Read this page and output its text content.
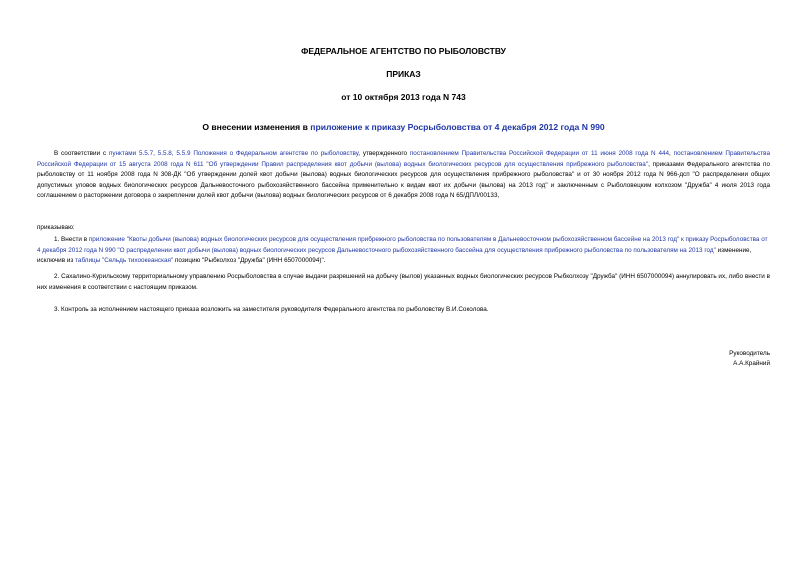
ФЕДЕРАЛЬНОЕ АГЕНТСТВО ПО РЫБОЛОВСТВУ
ПРИКАЗ
от 10 октября 2013 года N 743
О внесении изменения в приложение к приказу Росрыболовства от 4 декабря 2012 года N 990

В соответствии с пунктами 5.5.7, 5.5.8, 5.5.9 Положения о Федеральном агентстве по рыболовству, утвержденного постановлением Правительства Российской Федерации от 11 июня 2008 года N 444, постановлением Правительства Российской Федерации от 15 августа 2008 года N 611 "Об утверждении Правил распределения квот добычи (вылова) водных биологических ресурсов для осуществления прибрежного рыболовства", приказами Федерального агентства по рыболовству от 11 ноября 2008 года N 308-ДК "Об утверждении долей квот добычи (вылова) водных биологических ресурсов для осуществления прибрежного рыболовства" и от 30 ноября 2012 года N 966-дсп "О распределении общих допустимых уловов водных биологических ресурсов Дальневосточного рыбохозяйственного бассейна применительно к видам квот их добычи (вылова) на 2013 год" и заключенным с Рыболовецким колхозом "Дружба" 4 июля 2013 года соглашением о расторжении договора о закреплении долей квот добычи (вылова) водных биологических ресурсов от 6 декабря 2008 года N 65/ДПЛ/00133,

приказываю:

1. Внести в приложение "Квоты добычи (вылова) водных биологических ресурсов для осуществления прибрежного рыболовства по пользователям в Дальневосточном рыбохозяйственном бассейне на 2013 год" к приказу Росрыболовства от 4 декабря 2012 года N 990 "О распределении квот добычи (вылова) водных биологических ресурсов Дальневосточного рыбохозяйственного бассейна для осуществления прибрежного рыболовства по пользователям на 2013 год" изменение, исключив из таблицы "Сельдь тихоокеанская" позицию "Рыбколхоз "Дружба" (ИНН 6507000094)".

2. Сахалино-Курильскому территориальному управлению Росрыболовства в случае выдачи разрешений на добычу (вылов) указанных водных биологических ресурсов Рыбколхозу "Дружба" (ИНН 6507000094) аннулировать их, либо внести в них изменения в соответствии с настоящим приказом.

3. Контроль за исполнением настоящего приказа возложить на заместителя руководителя Федерального агентства по рыболовству В.И.Соколова.

Руководитель
А.А.Крайний
